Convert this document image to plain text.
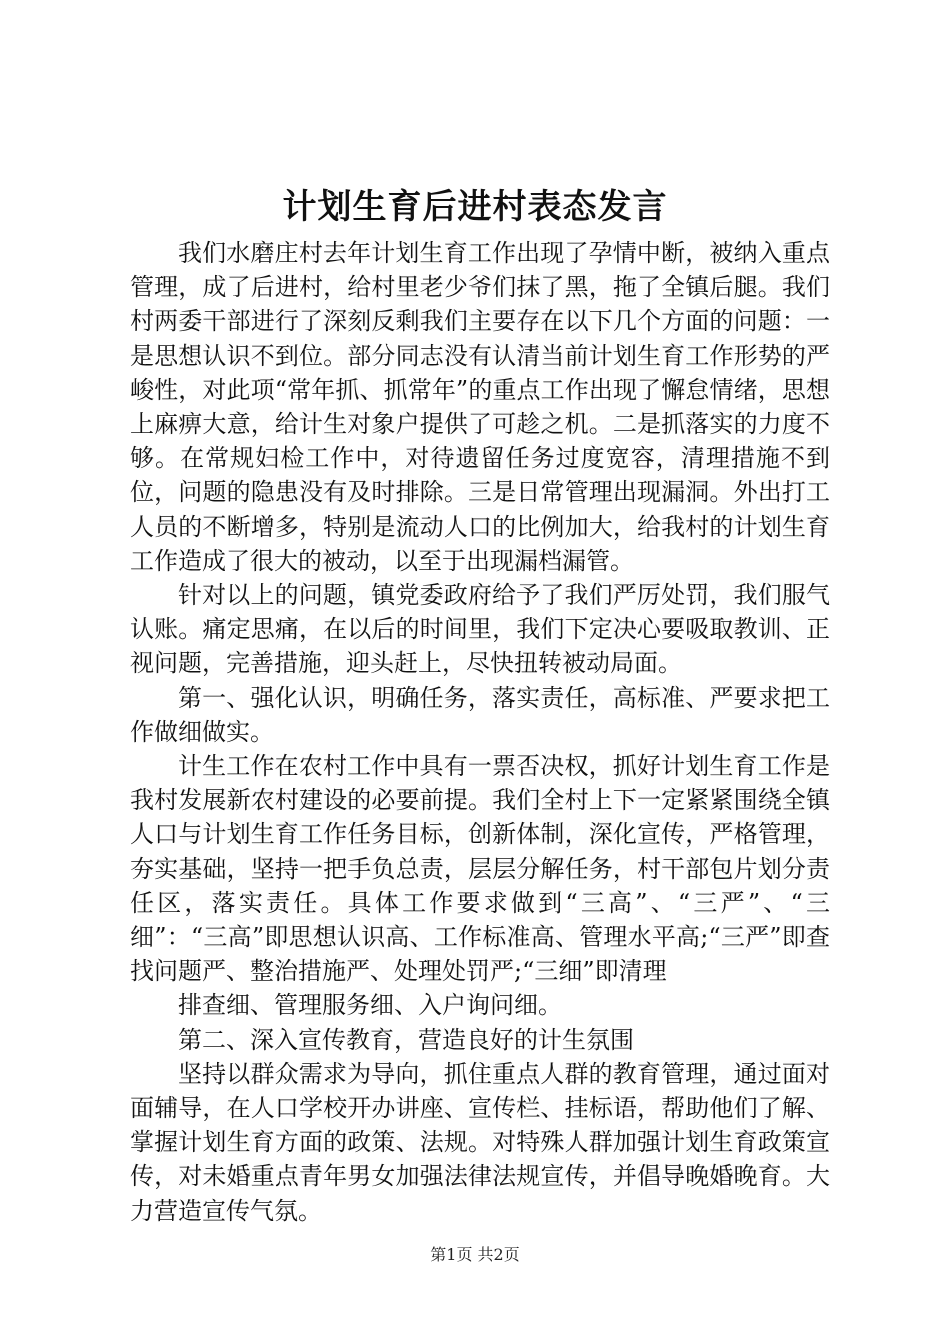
计划生育后进村表态发言

我们水磨庄村去年计划生育工作出现了孕情中断，被纳入重点管理，成了后进村，给村里老少爷们抹了黑，拖了全镇后腿。我们村两委干部进行了深刻反剩我们主要存在以下几个方面的问题：一是思想认识不到位。部分同志没有认清当前计划生育工作形势的严峻性，对此项“常年抓、抓常年”的重点工作出现了懈怠情绪，思想上麻痹大意，给计生对象户提供了可趁之机。二是抓落实的力度不够。在常规妇检工作中，对待遗留任务过度宽容，清理措施不到位，问题的隐患没有及时排除。三是日常管理出现漏洞。外出打工人员的不断增多，特别是流动人口的比例加大，给我村的计划生育工作造成了很大的被动，以至于出现漏档漏管。

针对以上的问题，镇党委政府给予了我们严厉处罚，我们服气认账。痛定思痛，在以后的时间里，我们下定决心要吸取教训、正视问题，完善措施，迎头赶上，尽快扭转被动局面。

第一、强化认识，明确任务，落实责任，高标准、严要求把工作做细做实。

计生工作在农村工作中具有一票否决权，抓好计划生育工作是我村发展新农村建设的必要前提。我们全村上下一定紧紧围绕全镇人口与计划生育工作任务目标，创新体制，深化宣传，严格管理，夯实基础，坚持一把手负总责，层层分解任务，村干部包片划分责任区，落实责任。具体工作要求做到“三高”、“三严”、“三细”：“三高”即思想认识高、工作标准高、管理水平高;“三严”即查找问题严、整治措施严、处理处罚严;“三细”即清理

排查细、管理服务细、入户询问细。

第二、深入宣传教育，营造良好的计生氛围

坚持以群众需求为导向，抓住重点人群的教育管理，通过面对面辅导，在人口学校开办讲座、宣传栏、挂标语，帮助他们了解、掌握计划生育方面的政策、法规。对特殊人群加强计划生育政策宣传，对未婚重点青年男女加强法律法规宣传，并倡导晚婚晚育。大力营造宣传气氛。

第1页 共2页
